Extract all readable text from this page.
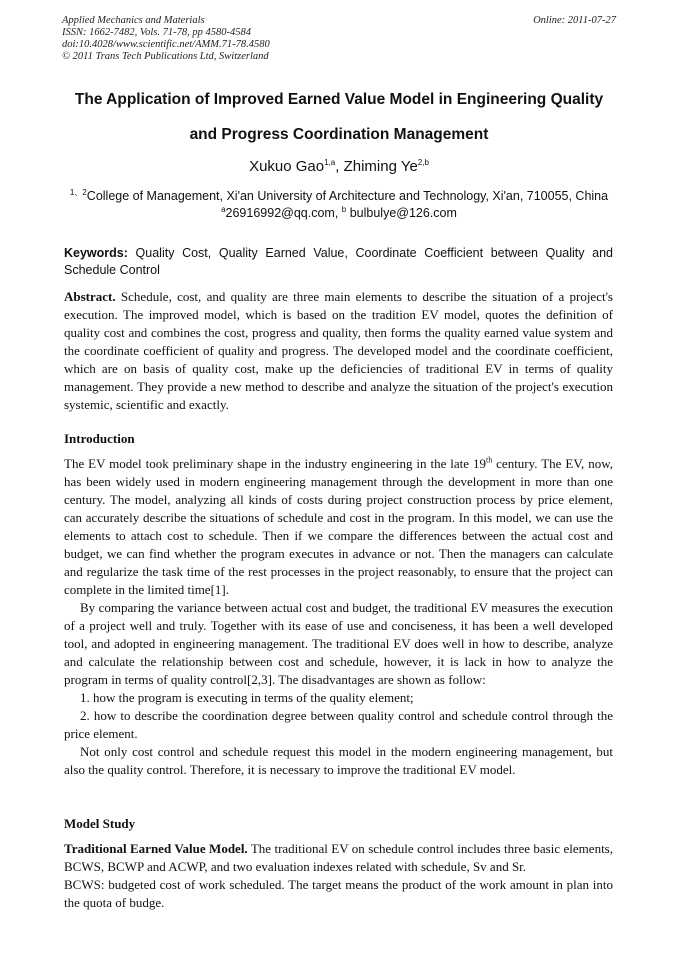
Applied Mechanics and Materials
ISSN: 1662-7482, Vols. 71-78, pp 4580-4584
doi:10.4028/www.scientific.net/AMM.71-78.4580
© 2011 Trans Tech Publications Ltd, Switzerland
Online: 2011-07-27
The Application of Improved Earned Value Model in Engineering Quality
and Progress Coordination Management
Xukuo Gao$^{1,a}$, Zhiming Ye$^{2,b}$
$^{1、2}$College of Management, Xi'an University of Architecture and Technology, Xi'an, 710055, China
$^a$26916992@qq.com, $^b$ bulbulye@126.com
Keywords: Quality Cost, Quality Earned Value, Coordinate Coefficient between Quality and Schedule Control

Abstract. Schedule, cost, and quality are three main elements to describe the situation of a project's execution. The improved model, which is based on the tradition EV model, quotes the definition of quality cost and combines the cost, progress and quality, then forms the quality earned value system and the coordinate coefficient of quality and progress. The developed model and the coordinate coefficient, which are on basis of quality cost, make up the deficiencies of traditional EV in terms of quality management. They provide a new method to describe and analyze the situation of the project's execution systemic, scientific and exactly.

Introduction

The EV model took preliminary shape in the industry engineering in the late 19th century. The EV, now, has been widely used in modern engineering management through the development in more than one century. The model, analyzing all kinds of costs during project construction process by price element, can accurately describe the situations of schedule and cost in the program. In this model, we can use the elements to attach cost to schedule. Then if we compare the differences between the actual cost and budget, we can find whether the program executes in advance or not. Then the managers can calculate and regularize the task time of the rest processes in the project reasonably, to ensure that the project can complete in the limited time[1].

By comparing the variance between actual cost and budget, the traditional EV measures the execution of a project well and truly. Together with its ease of use and conciseness, it has been a well developed tool, and adopted in engineering management. The traditional EV does well in how to describe, analyze and calculate the relationship between cost and schedule, however, it is lack in how to analyze the program in terms of quality control[2,3]. The disadvantages are shown as follow:

1. how the program is executing in terms of the quality element;

2. how to describe the coordination degree between quality control and schedule control through the price element.

Not only cost control and schedule request this model in the modern engineering management, but also the quality control. Therefore, it is necessary to improve the traditional EV model.

Model Study

Traditional Earned Value Model. The traditional EV on schedule control includes three basic elements, BCWS, BCWP and ACWP, and two evaluation indexes related with schedule, Sv and Sr.

BCWS: budgeted cost of work scheduled. The target means the product of the work amount in plan into the quota of budge.
